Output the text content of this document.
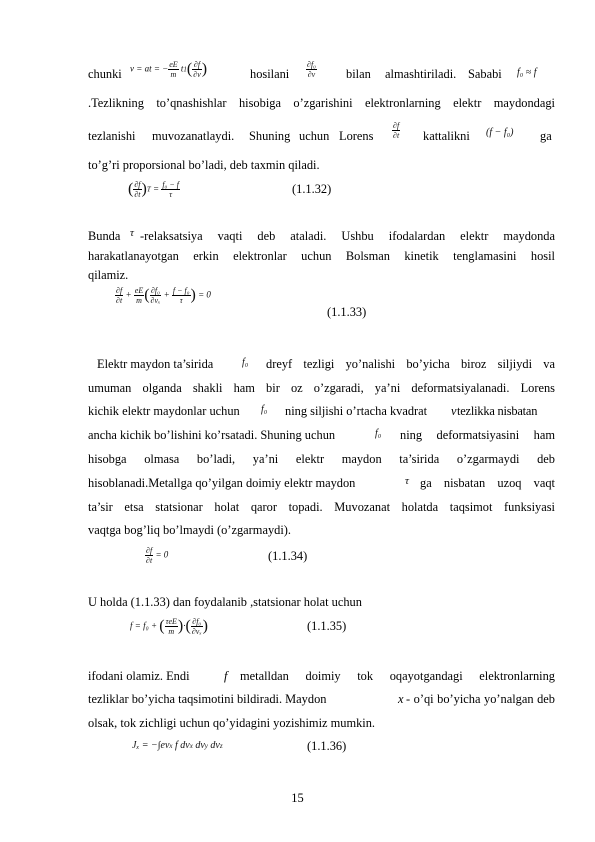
chunki v = at = − $\frac{eE}{m} t1( \frac{\partial f}{\partial v}$ )	hosilani $\frac{\text{∂f₀}}{\partial v}$ bilan almashtiriladi. Sababi f₀ ≈ f
.Tezlikning to’qnashishlar hisobiga o’zgarishini elektronlarning elektr maydondagi
tezlanishi muvozanatlaydi. Shuning uchun Lorens $\frac{\partial f}{\partial t}$ kattalikni (f − f₀) ga
to’g’ri proporsional bo’ladi, deb taxmin qiladi.
( $\frac{\partial f}{\partial t} )T = \frac{\text{f₀ − f}}{\tau}$	(1.1.32)
Bunda τ -relaksatsiya vaqti deb ataladi. Ushbu ifodalardan elektr maydonda
harakatlanayotgan erkin elektronlar uchun Bolsman kinetik tenglamasini hosil
qilamiz.
$\frac{\partial f}{\partial t} + \frac{eE}{m}$ ( $\frac{\text{∂f₀}}{\text{∂vₓ}} + \frac{\text{f − f₀}}{\tau}$ ) = 0
(1.1.33)
Elektr maydon ta’sirida	f₀ dreyf tezligi yo’nalishi bo’yicha biroz siljiydi va
umuman olganda shakli ham bir oz o’zgaradi, ya’ni deformatsiyalanadi. Lorens
kichik elektr maydonlar uchun f₀ ning siljishi o’rtacha kvadrat v tezlikka nisbatan
ancha kichik bo’lishini ko’rsatadi. Shuning uchun	f₀ ning deformatsiyasini ham
hisobga olmasa bo’ladi, ya’ni elektr maydon ta’sirida o’zgarmaydi deb
hisoblanadi.Metallga qo’yilgan doimiy elektr maydon	τ ga nisbatan uzoq vaqt
ta’sir etsa statsionar holat qaror topadi. Muvozanat holatda taqsimot funksiyasi
vaqtga bog’liq bo’lmaydi (o’zgarmaydi).
$\frac{\partial f}{\partial t} = 0$	(1.1.34)
U holda (1.1.33) dan foydalanib ,statsionar holat uchun
f = f₀ + ( $\frac{\text{τeE}}{m}$ )·( $\frac{\text{∂f₀}}{\text{∂vₓ}}$ )	(1.1.35)
ifodani olamiz. Endi	f metalldan doimiy tok oqayotgandagi elektronlarning
tezliklar bo’yicha taqsimotini bildiradi. Maydon	x - o’qi bo’yicha yo’nalgan deb
olsak, tok zichligi uchun qo’yidagini yozishimiz mumkin.
Jₓ = −∫evx f dvx dvy dvz	(1.1.36)
15
